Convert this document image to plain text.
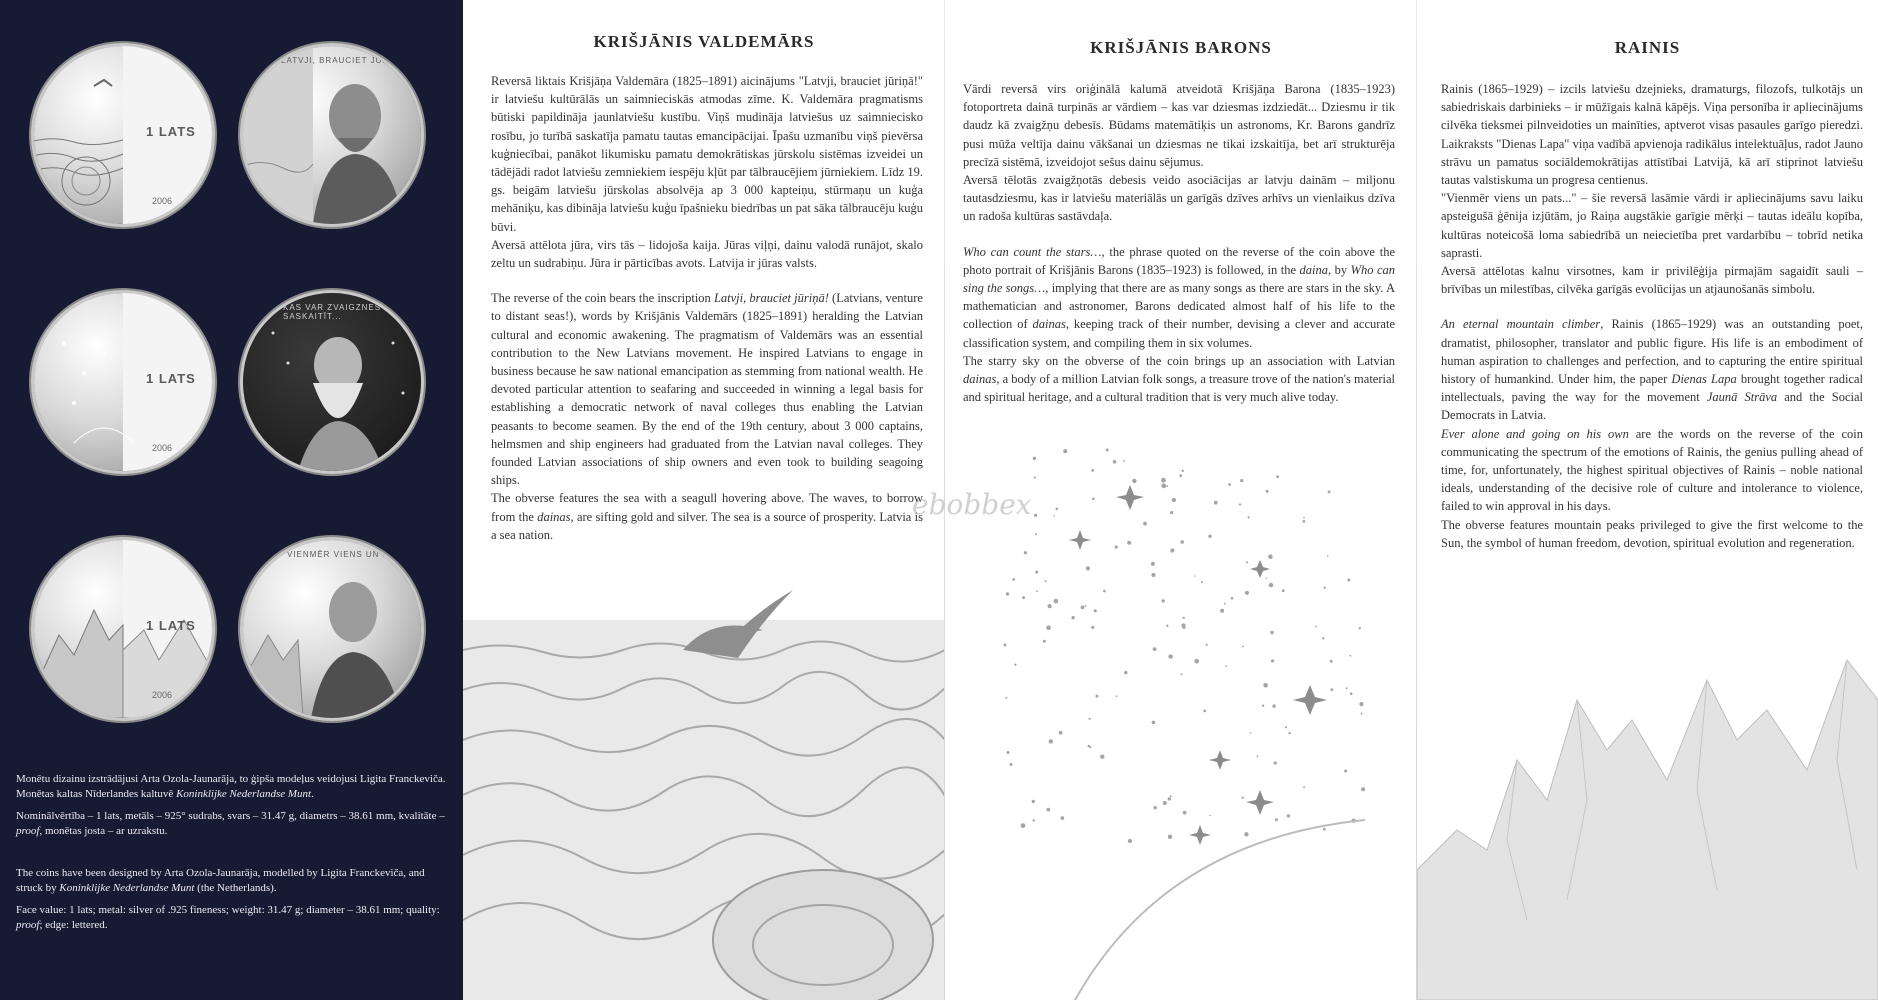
1 LATS
2006
LATVJI, BRAUCIET JŪRIŅĀ!
1 LATS
2006
KAS VAR ZVAIGZNES SASKAITĪT...
1 LATS
2006
VIENMĒR VIENS UN PATS...

Monētu dizainu izstrādājusi Arta Ozola-Jaunarāja, to ģipša modeļus veidojusi Ligita Franckeviča. Monētas kaltas Nīderlandes kaltuvē Koninklijke Nederlandse Munt.

Nominālvērtība – 1 lats, metāls – 925° sudrabs, svars – 31.47 g, diametrs – 38.61 mm, kvalitāte – proof, monētas josta – ar uzrakstu.

The coins have been designed by Arta Ozola-Jaunarāja, modelled by Ligita Franckeviča, and struck by Koninklijke Nederlandse Munt (the Netherlands).

Face value: 1 lats; metal: silver of .925 fineness; weight: 31.47 g; diameter – 38.61 mm; quality: proof; edge: lettered.

KRIŠJĀNIS VALDEMĀRS

Reversā liktais Krišjāņa Valdemāra (1825–1891) aicinājums "Latvji, brauciet jūriņā!" ir latviešu kultūrālās un saimnieciskās atmodas zīme. K. Valdemāra pragmatisms būtiski papildināja jaunlatviešu kustību. Viņš mudināja latviešus uz saimniecisko rosību, jo turībā saskatīja pamatu tautas emancipācijai. Īpašu uzmanību viņš pievērsa kuģniecībai, panākot likumisku pamatu demokrātiskas jūrskolu sistēmas izveidei un tādējādi radot latviešu zemniekiem iespēju kļūt par tālbraucējiem jūrniekiem. Līdz 19. gs. beigām latviešu jūrskolas absolvēja ap 3 000 kapteiņu, stūrmaņu un kuģa mehāniķu, kas dibināja latviešu kuģu īpašnieku biedrības un pat sāka tālbraucēju kuģu būvi.

Aversā attēlota jūra, virs tās – lidojoša kaija. Jūras viļņi, dainu valodā runājot, skalo zeltu un sudrabiņu. Jūra ir pārticības avots. Latvija ir jūras valsts.

The reverse of the coin bears the inscription Latvji, brauciet jūriņā! (Latvians, venture to distant seas!), words by Krišjānis Valdemārs (1825–1891) heralding the Latvian cultural and economic awakening. The pragmatism of Valdemārs was an essential contribution to the New Latvians movement. He inspired Latvians to engage in business because he saw national emancipation as stemming from national wealth. He devoted particular attention to seafaring and succeeded in winning a legal basis for establishing a democratic network of naval colleges thus enabling the Latvian peasants to become seamen. By the end of the 19th century, about 3 000 captains, helmsmen and ship engineers had graduated from the Latvian naval colleges. They founded Latvian associations of ship owners and even took to building seagoing ships.

The obverse features the sea with a seagull hovering above. The waves, to borrow from the dainas, are sifting gold and silver. The sea is a source of prosperity. Latvia is a sea nation.

KRIŠJĀNIS BARONS

Vārdi reversā virs oriģinālā kalumā atveidotā Krišjāņa Barona (1835–1923) fotoportreta dainā turpinās ar vārdiem – kas var dziesmas izdziedāt... Dziesmu ir tik daudz kā zvaigžņu debesīs. Būdams matemātiķis un astronoms, Kr. Barons gandrīz pusi mūža veltīja dainu vākšanai un dziesmas ne tikai izskaitīja, bet arī strukturēja precīzā sistēmā, izveidojot sešus dainu sējumus.

Aversā tēlotās zvaigžņotās debesis veido asociācijas ar latvju dainām – miljonu tautasdziesmu, kas ir latviešu materiālās un garīgās dzīves arhīvs un vienlaikus dzīva un radoša kultūras sastāvdaļa.

Who can count the stars…, the phrase quoted on the reverse of the coin above the photo portrait of Krišjānis Barons (1835–1923) is followed, in the daina, by Who can sing the songs…, implying that there are as many songs as there are stars in the sky. A mathematician and astronomer, Barons dedicated almost half of his life to the collection of dainas, keeping track of their number, devising a clever and accurate classification system, and compiling them in six volumes.

The starry sky on the obverse of the coin brings up an association with Latvian dainas, a body of a million Latvian folk songs, a treasure trove of the nation's material and spiritual heritage, and a cultural tradition that is very much alive today.

RAINIS

Rainis (1865–1929) – izcils latviešu dzejnieks, dramaturgs, filozofs, tulkotājs un sabiedriskais darbinieks – ir mūžīgais kalnā kāpējs. Viņa personība ir apliecinājums cilvēka tieksmei pilnveidoties un mainīties, aptverot visas pasaules garīgo pieredzi. Laikraksts "Dienas Lapa" viņa vadībā apvienoja radikālus intelektuāļus, radot Jauno strāvu un pamatus sociāldemokrātijas attīstībai Latvijā, kā arī stiprinot latviešu tautas valstiskuma un progresa centienus.

"Vienmēr viens un pats..." – šie reversā lasāmie vārdi ir apliecinājums savu laiku apsteigušā ģēnija izjūtām, jo Raiņa augstākie garīgie mērķi – tautas ideālu kopība, kultūras noteicošā loma sabiedrībā un neiecietība pret vardarbību – tobrīd netika saprasti.

Aversā attēlotas kalnu virsotnes, kam ir privilēģija pirmajām sagaidīt sauli – brīvības un milestības, cilvēka garīgās evolūcijas un atjaunošanās simbolu.

An eternal mountain climber, Rainis (1865–1929) was an outstanding poet, dramatist, philosopher, translator and public figure. His life is an embodiment of human aspiration to challenges and perfection, and to capturing the entire spiritual history of humankind. Under him, the paper Dienas Lapa brought together radical intellectuals, paving the way for the movement Jaunā Strāva and the Social Democrats in Latvia.

Ever alone and going on his own are the words on the reverse of the coin communicating the spectrum of the emotions of Rainis, the genius pulling ahead of time, for, unfortunately, the highest spiritual objectives of Rainis – noble national ideals, understanding of the decisive role of culture and intolerance to violence, failed to win approval in his days.

The obverse features mountain peaks privileged to give the first welcome to the Sun, the symbol of human freedom, devotion, spiritual evolution and regeneration.

ebobbex
